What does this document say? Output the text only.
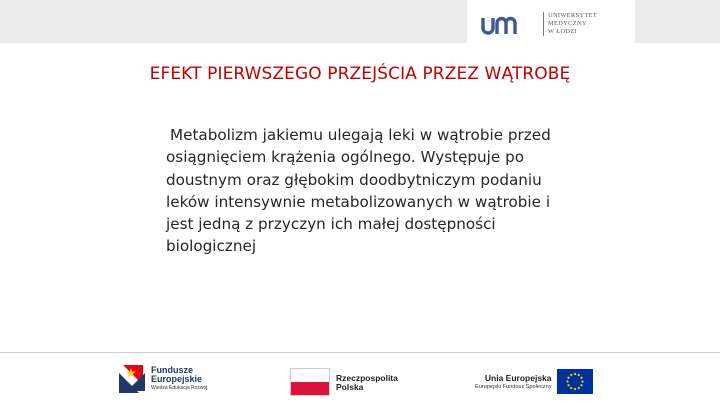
UNIWERSYTET
MEDYCZNY
W ŁODZI
EFEKT PIERWSZEGO PRZEJŚCIA PRZEZ WĄTROBĘ

Metabolizm jakiemu ulegają leki w wątrobie przed
osiągnięciem krążenia ogólnego. Występuje po
doustnym oraz głębokim doodbytniczym podaniu
leków intensywnie metabolizowanych w wątrobie i
jest jedną z przyczyn ich małej dostępności
biologicznej

Fundusze
Europejskie
Wiedza Edukacja Rozwój
Rzeczpospolita
Polska
Unia Europejska
Europejski Fundusz Społeczny
